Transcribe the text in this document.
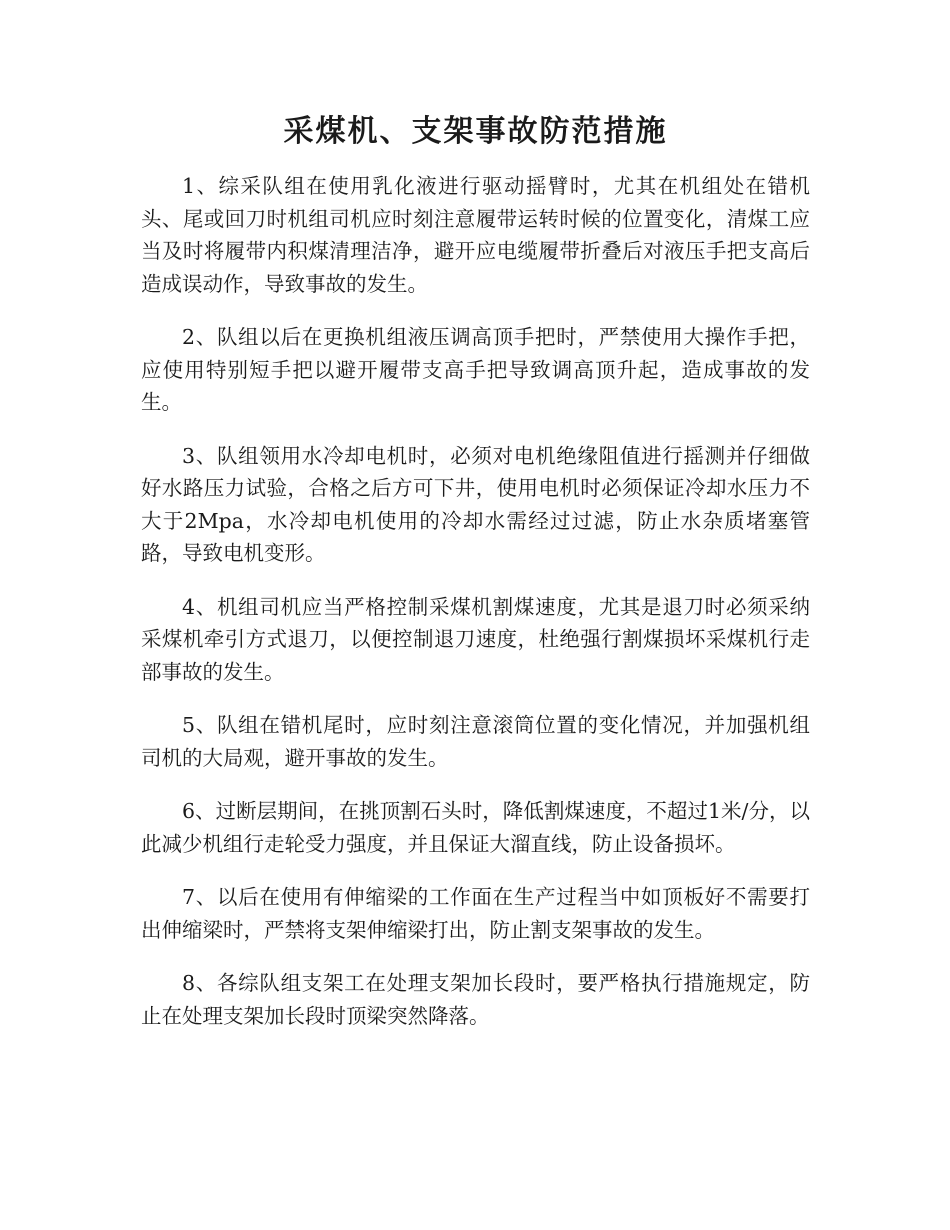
采煤机、支架事故防范措施

1、综采队组在使用乳化液进行驱动摇臂时，尤其在机组处在错机头、尾或回刀时机组司机应时刻注意履带运转时候的位置变化，清煤工应当及时将履带内积煤清理洁净，避开应电缆履带折叠后对液压手把支高后造成误动作，导致事故的发生。

2、队组以后在更换机组液压调高顶手把时，严禁使用大操作手把，应使用特别短手把以避开履带支高手把导致调高顶升起，造成事故的发生。

3、队组领用水冷却电机时，必须对电机绝缘阻值进行摇测并仔细做好水路压力试验，合格之后方可下井，使用电机时必须保证冷却水压力不大于2Mpa，水冷却电机使用的冷却水需经过过滤，防止水杂质堵塞管路，导致电机变形。

4、机组司机应当严格控制采煤机割煤速度，尤其是退刀时必须采纳采煤机牵引方式退刀，以便控制退刀速度，杜绝强行割煤损坏采煤机行走部事故的发生。

5、队组在错机尾时，应时刻注意滚筒位置的变化情况，并加强机组司机的大局观，避开事故的发生。

6、过断层期间，在挑顶割石头时，降低割煤速度，不超过1米/分，以此减少机组行走轮受力强度，并且保证大溜直线，防止设备损坏。

7、以后在使用有伸缩梁的工作面在生产过程当中如顶板好不需要打出伸缩梁时，严禁将支架伸缩梁打出，防止割支架事故的发生。

8、各综队组支架工在处理支架加长段时，要严格执行措施规定，防止在处理支架加长段时顶梁突然降落。
